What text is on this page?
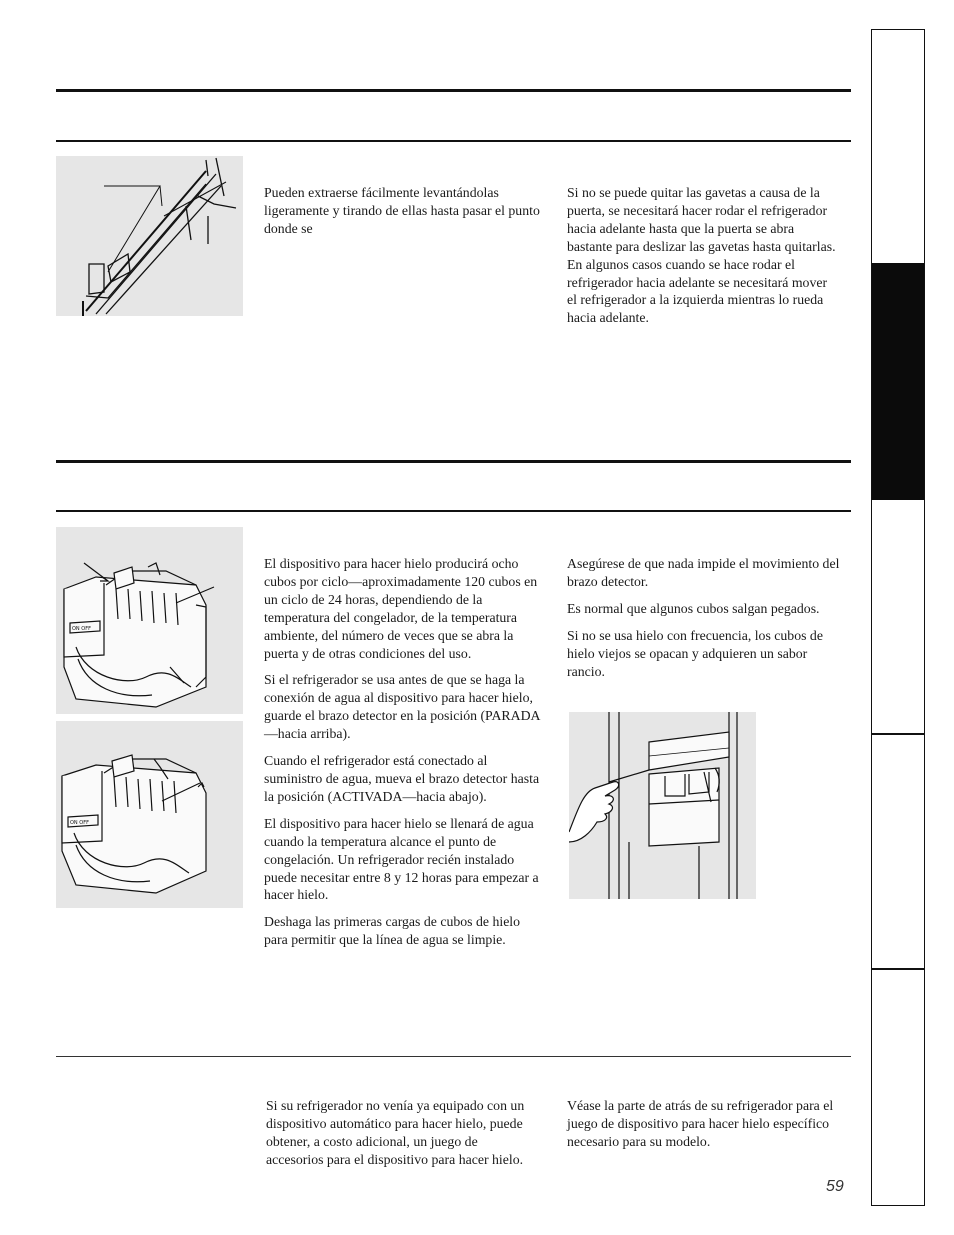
Pueden extraerse fácilmente levantándolas ligeramente y tirando de ellas hasta pasar el punto donde se

Si no se puede quitar las gavetas a causa de la puerta, se necesitará hacer rodar el refrigerador hacia adelante hasta que la puerta se abra bastante para deslizar las gavetas hasta quitarlas. En algunos casos cuando se hace rodar el refrigerador hacia adelante se necesitará mover el refrigerador a la izquierda mientras lo rueda hacia adelante.

ON OFF
ON OFF

El dispositivo para hacer hielo producirá ocho cubos por ciclo—aproximadamente 120 cubos en un ciclo de 24 horas, dependiendo de la temperatura del congelador, de la temperatura ambiente, del número de veces que se abra la puerta y de otras condiciones del uso.

Si el refrigerador se usa antes de que se haga la conexión de agua al dispositivo para hacer hielo, guarde el brazo detector en la posición (PARADA—hacia arriba).

Cuando el refrigerador está conectado al suministro de agua, mueva el brazo detector hasta la posición (ACTIVADA—hacia abajo).

El dispositivo para hacer hielo se llenará de agua cuando la temperatura alcance el punto de congelación. Un refrigerador recién instalado puede necesitar entre 8 y 12 horas para empezar a hacer hielo.

Deshaga las primeras cargas de cubos de hielo para permitir que la línea de agua se limpie.

Asegúrese de que nada impide el movimiento del brazo detector.

Es normal que algunos cubos salgan pegados.

Si no se usa hielo con frecuencia, los cubos de hielo viejos se opacan y adquieren un sabor rancio.

Si su refrigerador no venía ya equipado con un dispositivo automático para hacer hielo, puede obtener, a costo adicional, un juego de accesorios para el dispositivo para hacer hielo.

Véase la parte de atrás de su refrigerador para el juego de dispositivo para hacer hielo específico necesario para su modelo.

59
